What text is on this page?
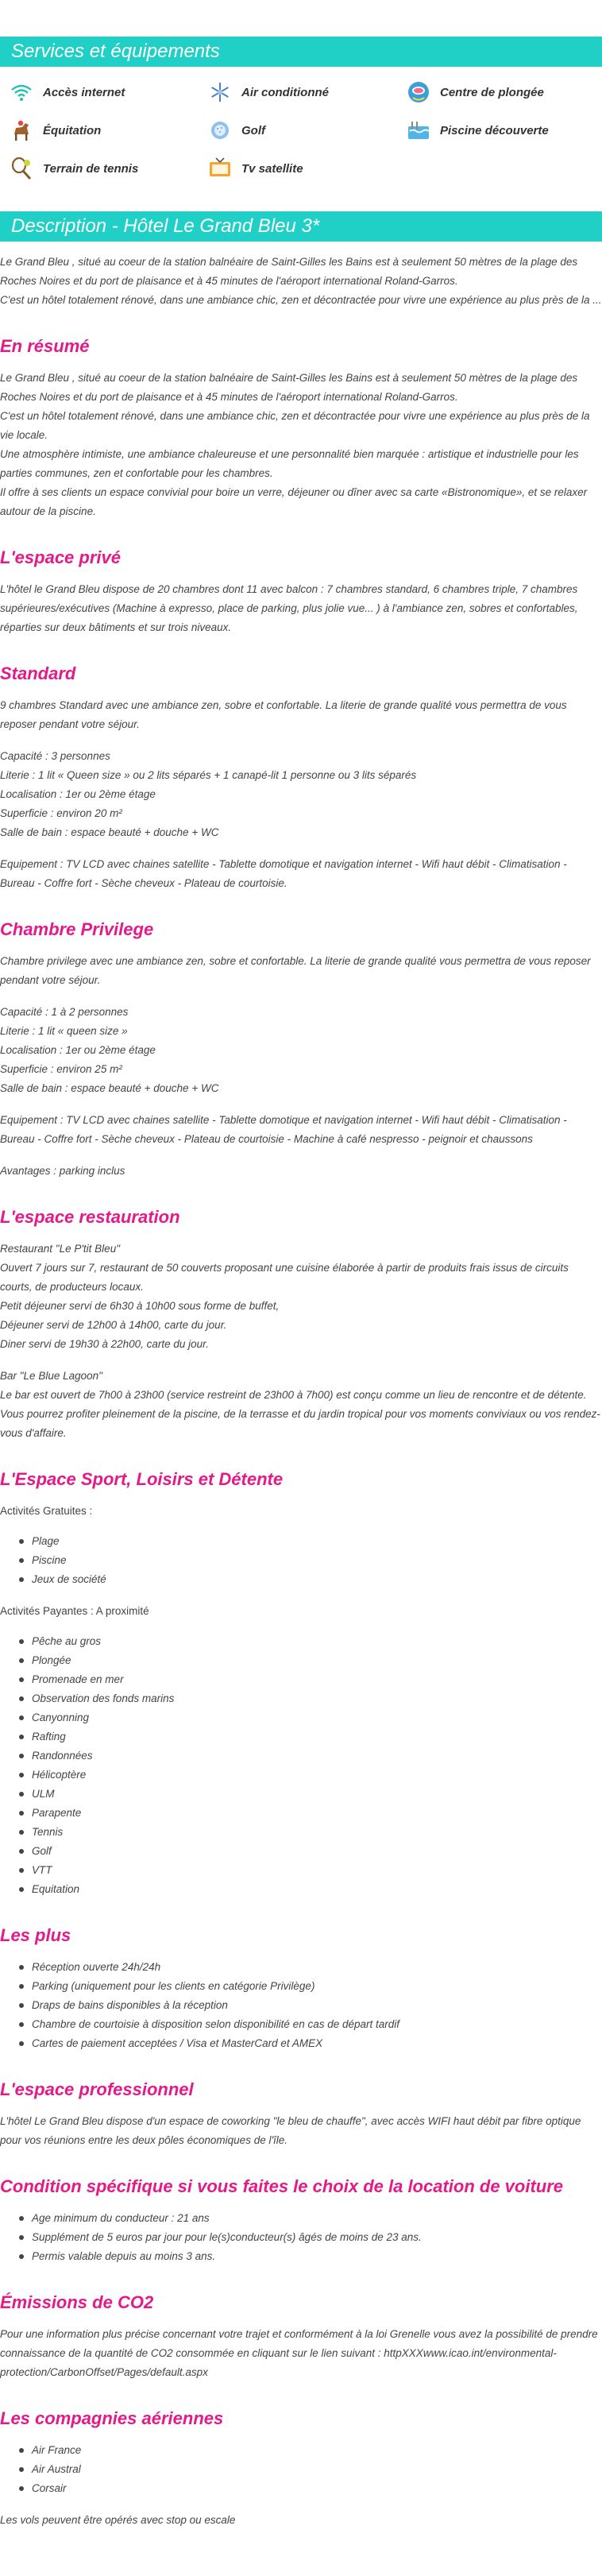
Services et équipements
Accès internet	Air conditionné	Centre de plongée
Équitation	Golf	Piscine découverte
Terrain de tennis	Tv satellite
Description - Hôtel Le Grand Bleu 3*

Le Grand Bleu , situé au coeur de la station balnéaire de Saint-Gilles les Bains est à seulement 50 mètres de la plage des Roches Noires et du port de plaisance et à 45 minutes de l'aéroport international Roland-Garros.

C'est un hôtel totalement rénové, dans une ambiance chic, zen et décontractée pour vivre une expérience au plus près de la ...

En résumé

Le Grand Bleu , situé au coeur de la station balnéaire de Saint-Gilles les Bains est à seulement 50 mètres de la plage des Roches Noires et du port de plaisance et à 45 minutes de l'aéroport international Roland-Garros.

C'est un hôtel totalement rénové, dans une ambiance chic, zen et décontractée pour vivre une expérience au plus près de la vie locale.

Une atmosphère intimiste, une ambiance chaleureuse et une personnalité bien marquée : artistique et industrielle pour les parties communes, zen et confortable pour les chambres.

Il offre à ses clients un espace convivial pour boire un verre, déjeuner ou dîner avec sa carte «Bistronomique», et se relaxer autour de la piscine.

L'espace privé

L'hôtel le Grand Bleu dispose de 20 chambres dont 11 avec balcon : 7 chambres standard, 6 chambres triple, 7 chambres supérieures/exécutives (Machine à expresso, place de parking, plus jolie vue... ) à l'ambiance zen, sobres et confortables, réparties sur deux bâtiments et sur trois niveaux.

Standard

9 chambres Standard avec une ambiance zen, sobre et confortable. La literie de grande qualité vous permettra de vous reposer pendant votre séjour.

Capacité : 3 personnes

Literie : 1 lit « Queen size » ou 2 lits séparés + 1 canapé-lit 1 personne ou 3 lits séparés

Localisation : 1er ou 2ème étage

Superficie : environ 20 m²

Salle de bain : espace beauté + douche + WC

Equipement : TV LCD avec chaines satellite - Tablette domotique et navigation internet - Wifi haut débit - Climatisation - Bureau - Coffre fort - Sèche cheveux - Plateau de courtoisie.

Chambre Privilege

Chambre privilege avec une ambiance zen, sobre et confortable. La literie de grande qualité vous permettra de vous reposer pendant votre séjour.

Capacité : 1 à 2 personnes

Literie : 1 lit « queen size »

Localisation : 1er ou 2ème étage

Superficie : environ 25 m²

Salle de bain : espace beauté + douche + WC

Equipement : TV LCD avec chaines satellite - Tablette domotique et navigation internet - Wifi haut débit - Climatisation - Bureau - Coffre fort - Sèche cheveux - Plateau de courtoisie - Machine à café nespresso - peignoir et chaussons

Avantages : parking inclus

L'espace restauration

Restaurant "Le P'tit Bleu"

Ouvert 7 jours sur 7, restaurant de 50 couverts proposant une cuisine élaborée à partir de produits frais issus de circuits courts, de producteurs locaux.

Petit déjeuner servi de 6h30 à 10h00 sous forme de buffet,

Déjeuner servi de 12h00 à 14h00, carte du jour.

Diner servi de 19h30 à 22h00, carte du jour.

Bar "Le Blue Lagoon"

Le bar est ouvert de 7h00 à 23h00 (service restreint de 23h00 à 7h00) est conçu comme un lieu de rencontre et de détente.

Vous pourrez profiter pleinement de la piscine, de la terrasse et du jardin tropical pour vos moments conviviaux ou vos rendez-vous d'affaire.

L'Espace Sport, Loisirs et Détente

Activités Gratuites :

Plage
Piscine
Jeux de société

Activités Payantes : A proximité

Pêche au gros
Plongée
Promenade en mer
Observation des fonds marins
Canyonning
Rafting
Randonnées
Hélicoptère
ULM
Parapente
Tennis
Golf
VTT
Equitation
Les plus
Réception ouverte 24h/24h
Parking (uniquement pour les clients en catégorie Privilège)
Draps de bains disponibles à la réception
Chambre de courtoisie à disposition selon disponibilité en cas de départ tardif
Cartes de paiement acceptées / Visa et MasterCard et AMEX
L'espace professionnel

L'hôtel Le Grand Bleu dispose d'un espace de coworking "le bleu de chauffe", avec accès WIFI haut débit par fibre optique pour vos réunions entre les deux pôles économiques de l'île.

Condition spécifique si vous faites le choix de la location de voiture
Age minimum du conducteur : 21 ans
Supplément de 5 euros par jour pour le(s)conducteur(s) âgés de moins de 23 ans.
Permis valable depuis au moins 3 ans.
Émissions de CO2

Pour une information plus précise concernant votre trajet et conformément à la loi Grenelle vous avez la possibilité de prendre connaissance de la quantité de CO2 consommée en cliquant sur le lien suivant : httpXXXwww.icao.int/environmental-protection/CarbonOffset/Pages/default.aspx

Les compagnies aériennes
Air France
Air Austral
Corsair

Les vols peuvent être opérés avec stop ou escale
